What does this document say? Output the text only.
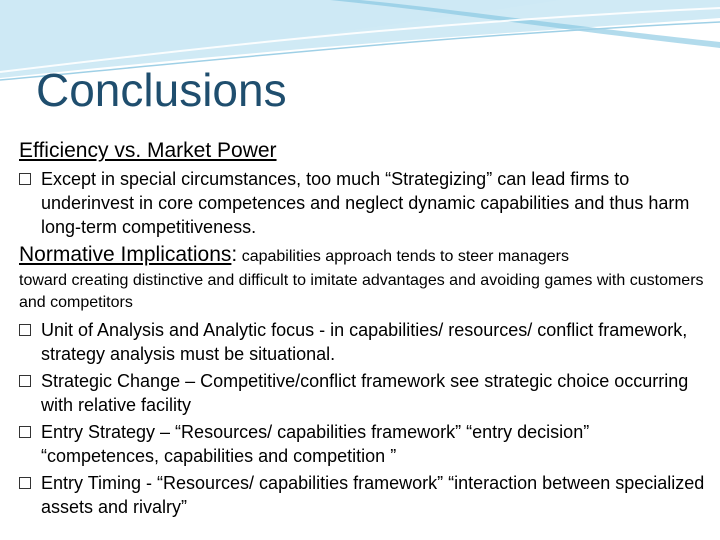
Conclusions

Efficiency vs. Market Power

Except in special circumstances, too much “Strategizing” can lead firms to underinvest in core competences and neglect dynamic capabilities and thus harm long-term competitiveness.

Normative Implications: capabilities approach tends to steer managers

toward creating distinctive and difficult to imitate advantages and avoiding games with customers and competitors

Unit of Analysis and Analytic focus - in capabilities/ resources/ conflict framework, strategy analysis must be situational.

Strategic Change – Competitive/conflict framework see strategic choice occurring with relative facility

Entry Strategy – “Resources/ capabilities framework” “entry decision” “competences, capabilities and competition ”

Entry Timing - “Resources/ capabilities framework” “interaction between specialized assets and rivalry”
